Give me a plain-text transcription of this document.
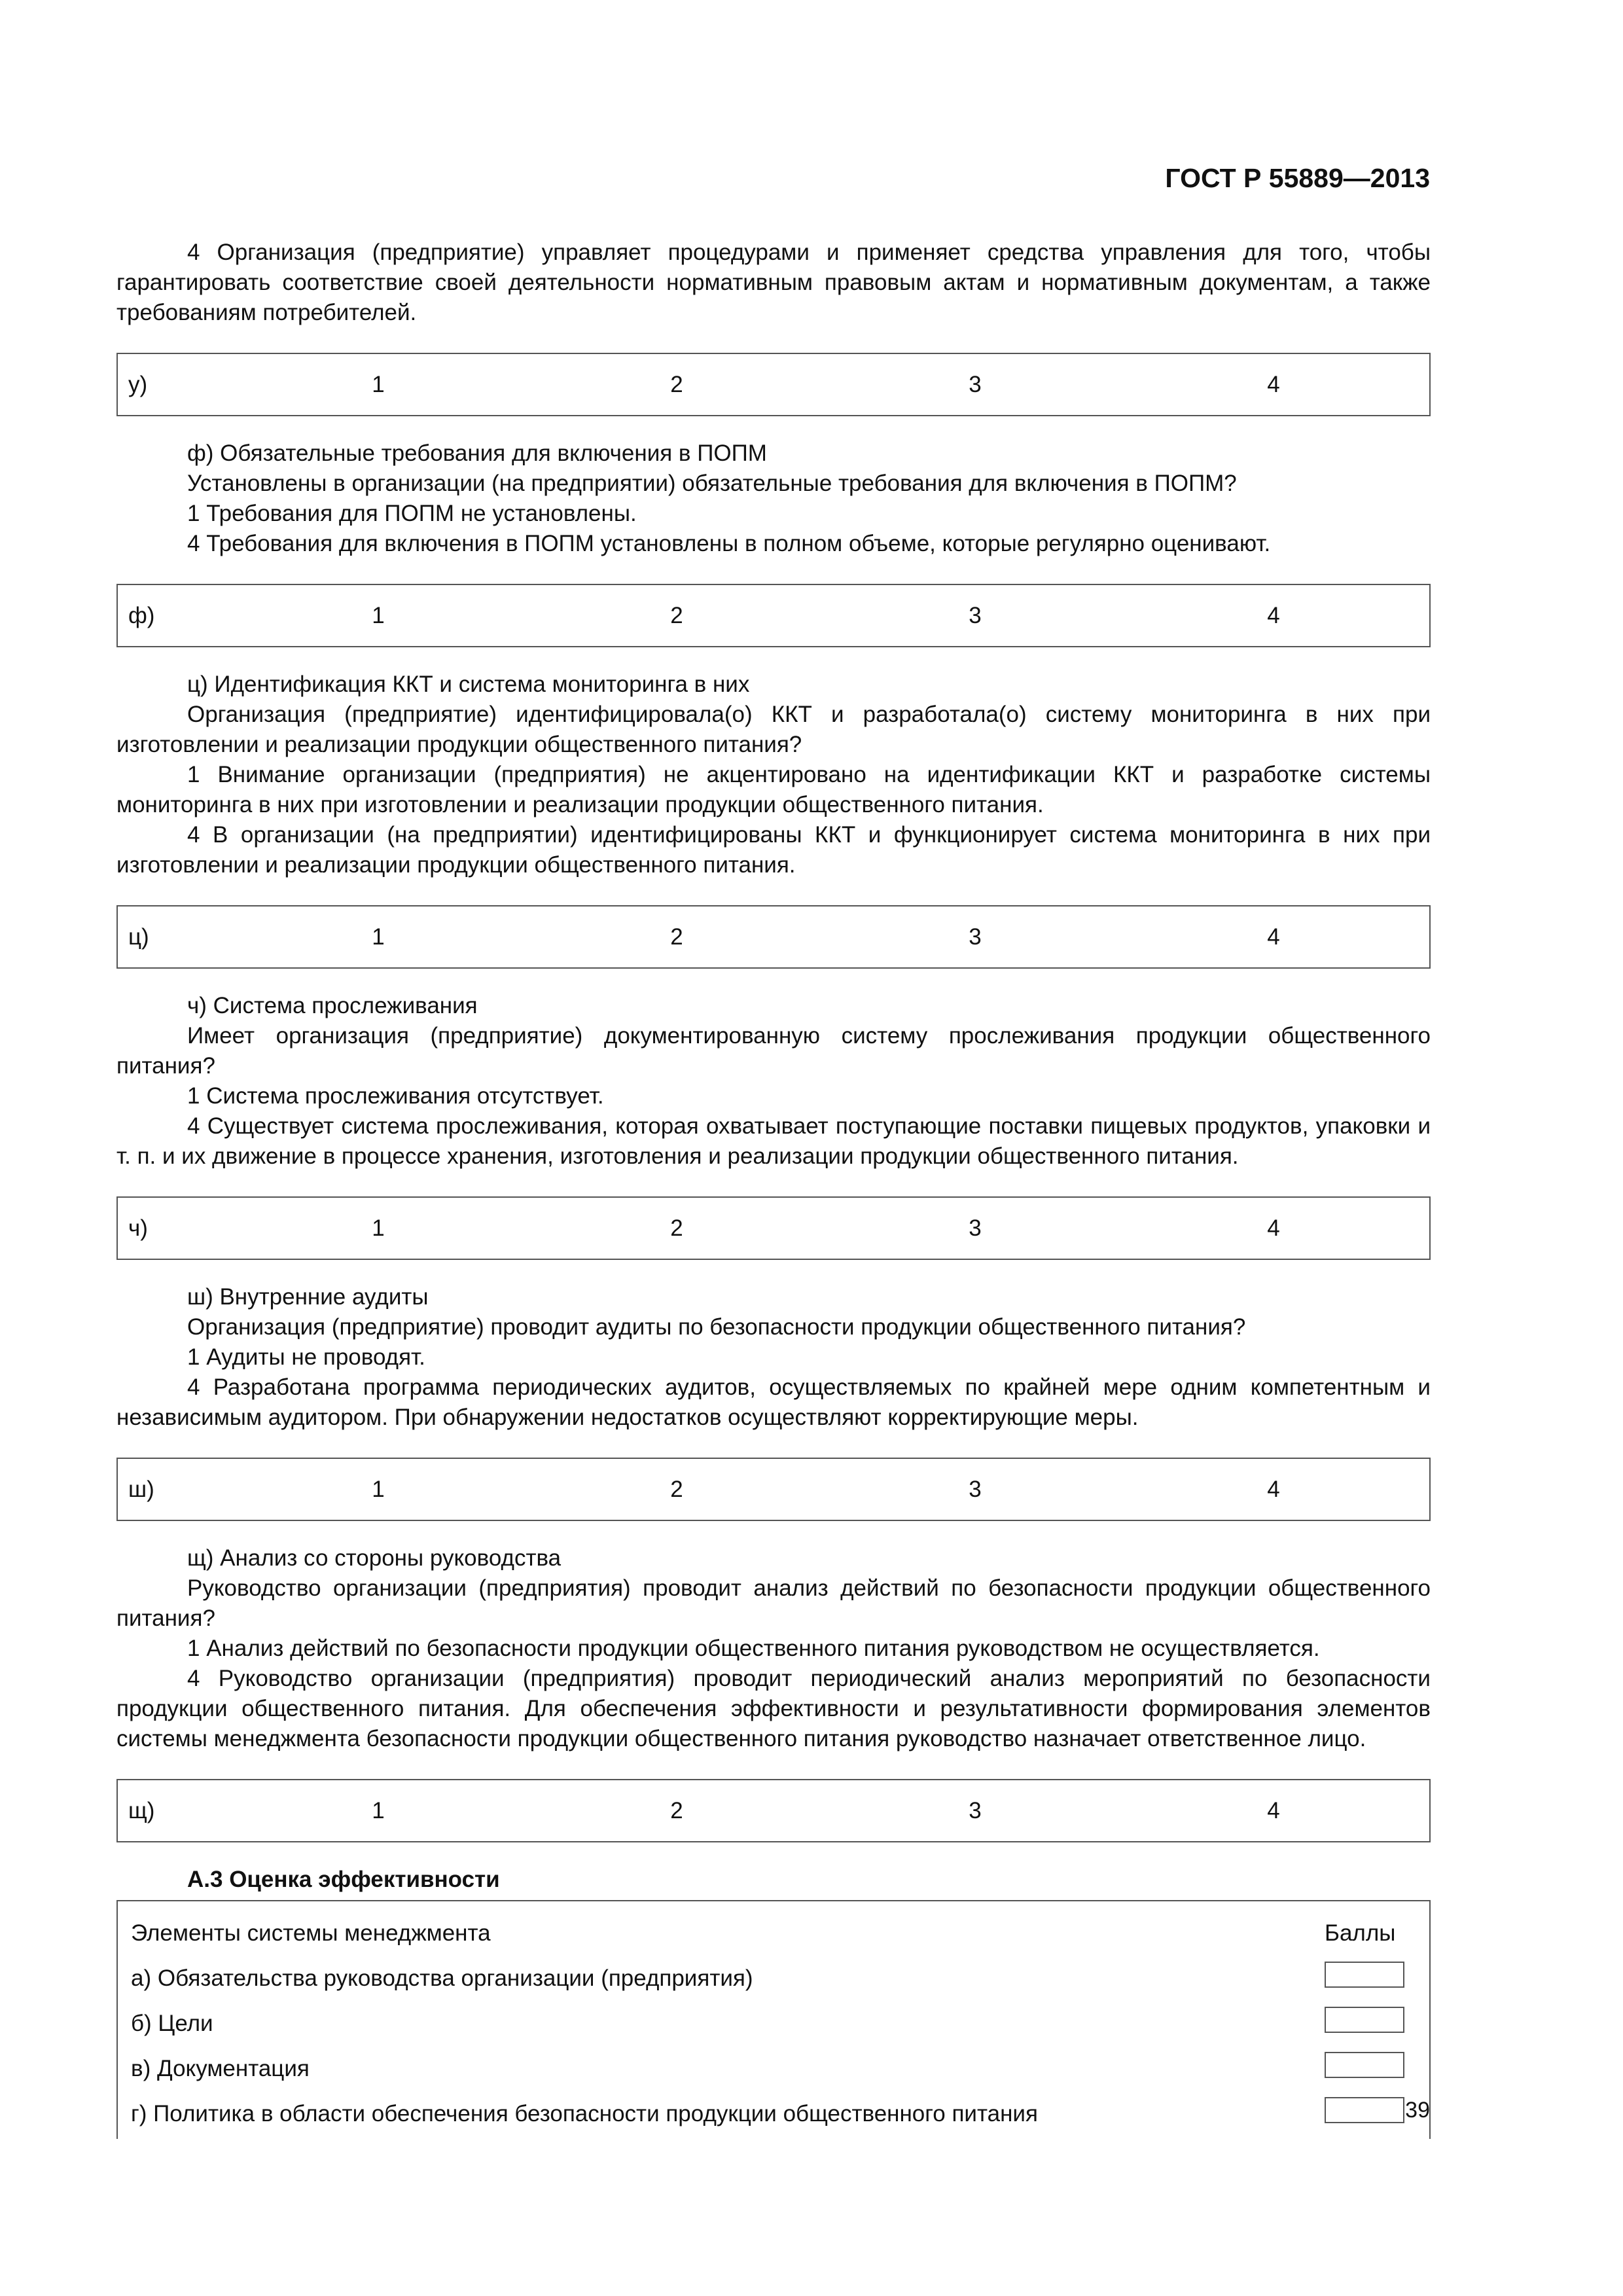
ГОСТ Р 55889—2013

4 Организация (предприятие) управляет процедурами и применяет средства управления для того, чтобы гарантировать соответствие своей деятельности нормативным правовым актам и нормативным документам, а также требованиям потребителей.

у)	1	2	3	4

ф) Обязательные требования для включения в ПОПМ

Установлены в организации (на предприятии) обязательные требования для включения в ПОПМ?

1 Требования для ПОПМ не установлены.

4 Требования для включения в ПОПМ установлены в полном объеме, которые регулярно оценивают.

ф)	1	2	3	4

ц) Идентификация ККТ и система мониторинга в них

Организация (предприятие) идентифицировала(о) ККТ и разработала(о) систему мониторинга в них при изготовлении и реализации продукции общественного питания?

1 Внимание организации (предприятия) не акцентировано на идентификации ККТ и разработке системы мониторинга в них при изготовлении и реализации продукции общественного питания.

4 В организации (на предприятии) идентифицированы ККТ и функционирует система мониторинга в них при изготовлении и реализации продукции общественного питания.

ц)	1	2	3	4

ч) Система прослеживания

Имеет организация (предприятие) документированную систему прослеживания продукции общественного питания?

1 Система прослеживания отсутствует.

4 Существует система прослеживания, которая охватывает поступающие поставки пищевых продуктов, упаковки и т. п. и их движение в процессе хранения, изготовления и реализации продукции общественного питания.

ч)	1	2	3	4

ш) Внутренние аудиты

Организация (предприятие) проводит аудиты по безопасности продукции общественного питания?

1 Аудиты не проводят.

4 Разработана программа периодических аудитов, осуществляемых по крайней мере одним компетентным и независимым аудитором. При обнаружении недостатков осуществляют корректирующие меры.

ш)	1	2	3	4

щ) Анализ со стороны руководства

Руководство организации (предприятия) проводит анализ действий по безопасности продукции общественного питания?

1 Анализ действий по безопасности продукции общественного питания руководством не осуществляется.

4 Руководство организации (предприятия) проводит периодический анализ мероприятий по безопасности продукции общественного питания. Для обеспечения эффективности и результативности формирования элементов системы менеджмента безопасности продукции общественного питания руководство назначает ответственное лицо.

щ)	1	2	3	4

А.3 Оценка эффективности

Элементы системы менеджмента	Баллы
а) Обязательства руководства организации (предприятия)
б) Цели
в) Документация
г) Политика в области обеспечения безопасности продукции общественного питания	39
